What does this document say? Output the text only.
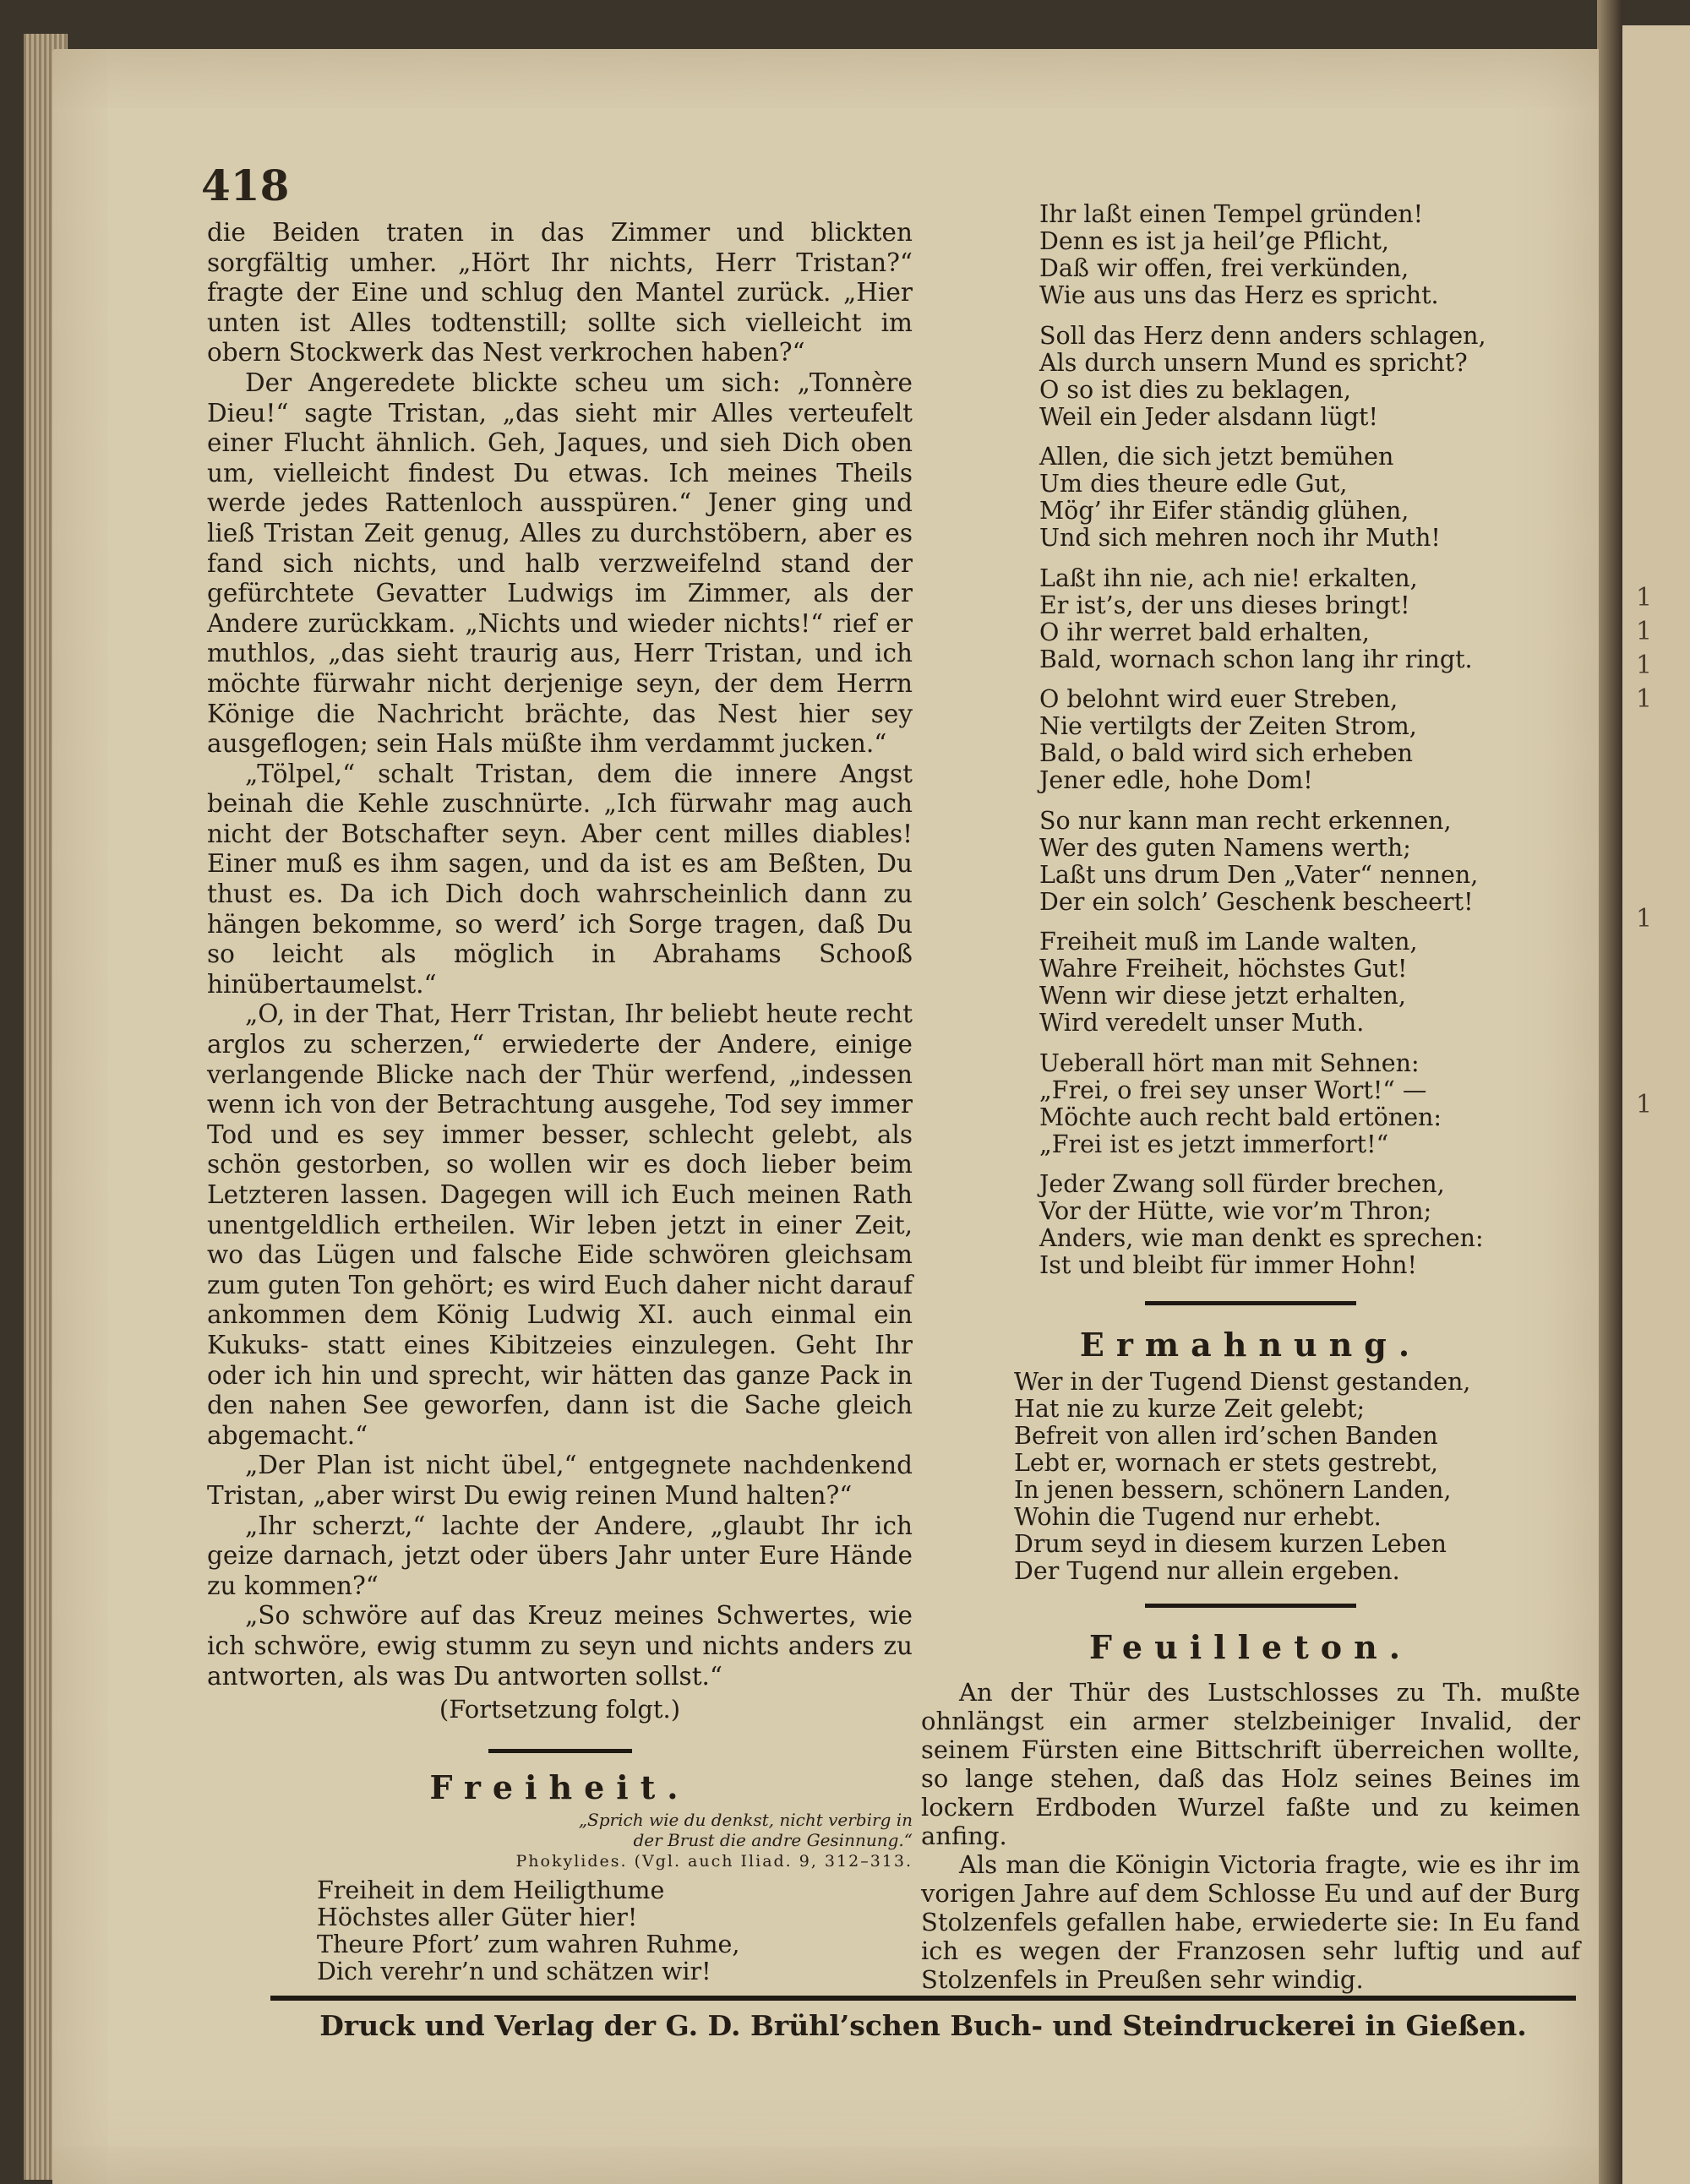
1
1
1
1
1
1
418

die Beiden traten in das Zimmer und blickten sorgfältig umher. „Hört Ihr nichts, Herr Tristan?“ fragte der Eine und schlug den Mantel zurück. „Hier unten ist Alles todtenstill; sollte sich vielleicht im obern Stockwerk das Nest verkrochen haben?“

Der Angeredete blickte scheu um sich: „Tonnère Dieu!“ sagte Tristan, „das sieht mir Alles verteufelt einer Flucht ähnlich. Geh, Jaques, und sieh Dich oben um, vielleicht findest Du etwas. Ich meines Theils werde jedes Rattenloch ausspüren.“ Jener ging und ließ Tristan Zeit genug, Alles zu durchstöbern, aber es fand sich nichts, und halb verzweifelnd stand der gefürchtete Gevatter Ludwigs im Zimmer, als der Andere zurückkam. „Nichts und wieder nichts!“ rief er muthlos, „das sieht traurig aus, Herr Tristan, und ich möchte fürwahr nicht derjenige seyn, der dem Herrn Könige die Nachricht brächte, das Nest hier sey ausgeflogen; sein Hals müßte ihm verdammt jucken.“

„Tölpel,“ schalt Tristan, dem die innere Angst beinah die Kehle zuschnürte. „Ich fürwahr mag auch nicht der Botschafter seyn. Aber cent milles diables! Einer muß es ihm sagen, und da ist es am Beßten, Du thust es. Da ich Dich doch wahrscheinlich dann zu hängen bekomme, so werd’ ich Sorge tragen, daß Du so leicht als möglich in Abrahams Schooß hinübertaumelst.“

„O, in der That, Herr Tristan, Ihr beliebt heute recht arglos zu scherzen,“ erwiederte der Andere, einige verlangende Blicke nach der Thür werfend, „indessen wenn ich von der Betrachtung ausgehe, Tod sey immer Tod und es sey immer besser, schlecht gelebt, als schön gestorben, so wollen wir es doch lieber beim Letzteren lassen. Dagegen will ich Euch meinen Rath unentgeldlich ertheilen. Wir leben jetzt in einer Zeit, wo das Lügen und falsche Eide schwören gleichsam zum guten Ton gehört; es wird Euch daher nicht darauf ankommen dem König Ludwig XI. auch einmal ein Kukuks- statt eines Kibitzeies einzulegen. Geht Ihr oder ich hin und sprecht, wir hätten das ganze Pack in den nahen See geworfen, dann ist die Sache gleich abgemacht.“

„Der Plan ist nicht übel,“ entgegnete nachdenkend Tristan, „aber wirst Du ewig reinen Mund halten?“

„Ihr scherzt,“ lachte der Andere, „glaubt Ihr ich geize darnach, jetzt oder übers Jahr unter Eure Hände zu kommen?“

„So schwöre auf das Kreuz meines Schwertes, wie ich schwöre, ewig stumm zu seyn und nichts anders zu antworten, als was Du antworten sollst.“

(Fortsetzung folgt.)

Freiheit.

„Sprich wie du denkst, nicht verbirg in

der Brust die andre Gesinnung.“

Phokylides. (Vgl. auch Iliad. 9, 312–313.

Freiheit in dem Heiligthume
Höchstes aller Güter hier!
Theure Pfort’ zum wahren Ruhme,
Dich verehr’n und schätzen wir!
Ihr laßt einen Tempel gründen!
Denn es ist ja heil’ge Pflicht,
Daß wir offen, frei verkünden,
Wie aus uns das Herz es spricht.
Soll das Herz denn anders schlagen,
Als durch unsern Mund es spricht?
O so ist dies zu beklagen,
Weil ein Jeder alsdann lügt!
Allen, die sich jetzt bemühen
Um dies theure edle Gut,
Mög’ ihr Eifer ständig glühen,
Und sich mehren noch ihr Muth!
Laßt ihn nie, ach nie! erkalten,
Er ist’s, der uns dieses bringt!
O ihr werret bald erhalten,
Bald, wornach schon lang ihr ringt.
O belohnt wird euer Streben,
Nie vertilgts der Zeiten Strom,
Bald, o bald wird sich erheben
Jener edle, hohe Dom!
So nur kann man recht erkennen,
Wer des guten Namens werth;
Laßt uns drum Den „Vater“ nennen,
Der ein solch’ Geschenk bescheert!
Freiheit muß im Lande walten,
Wahre Freiheit, höchstes Gut!
Wenn wir diese jetzt erhalten,
Wird veredelt unser Muth.
Ueberall hört man mit Sehnen:
„Frei, o frei sey unser Wort!“ —
Möchte auch recht bald ertönen:
„Frei ist es jetzt immerfort!“
Jeder Zwang soll fürder brechen,
Vor der Hütte, wie vor’m Thron;
Anders, wie man denkt es sprechen:
Ist und bleibt für immer Hohn!
Ermahnung.
Wer in der Tugend Dienst gestanden,
Hat nie zu kurze Zeit gelebt;
Befreit von allen ird’schen Banden
Lebt er, wornach er stets gestrebt,
In jenen bessern, schönern Landen,
Wohin die Tugend nur erhebt.
Drum seyd in diesem kurzen Leben
Der Tugend nur allein ergeben.
Feuilleton.

An der Thür des Lustschlosses zu Th. mußte ohnlängst ein armer stelzbeiniger Invalid, der seinem Fürsten eine Bittschrift überreichen wollte, so lange stehen, daß das Holz seines Beines im lockern Erdboden Wurzel faßte und zu keimen anfing.

Als man die Königin Victoria fragte, wie es ihr im vorigen Jahre auf dem Schlosse Eu und auf der Burg Stolzenfels gefallen habe, erwiederte sie: In Eu fand ich es wegen der Franzosen sehr luftig und auf Stolzenfels in Preußen sehr windig.

Druck und Verlag der G. D. Brühl’schen Buch- und Steindruckerei in Gießen.
